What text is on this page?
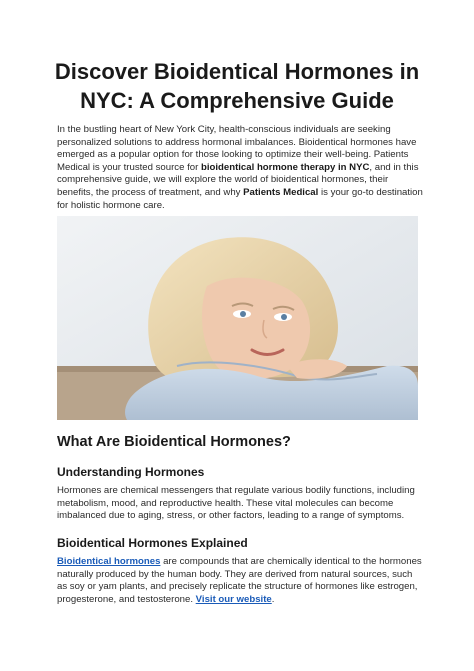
Discover Bioidentical Hormones in NYC: A Comprehensive Guide

In the bustling heart of New York City, health-conscious individuals are seeking personalized solutions to address hormonal imbalances. Bioidentical hormones have emerged as a popular option for those looking to optimize their well-being. Patients Medical is your trusted source for bioidentical hormone therapy in NYC, and in this comprehensive guide, we will explore the world of bioidentical hormones, their benefits, the process of treatment, and why Patients Medical is your go-to destination for holistic hormone care.

What Are Bioidentical Hormones?
Understanding Hormones

Hormones are chemical messengers that regulate various bodily functions, including metabolism, mood, and reproductive health. These vital molecules can become imbalanced due to aging, stress, or other factors, leading to a range of symptoms.

Bioidentical Hormones Explained

Bioidentical hormones are compounds that are chemically identical to the hormones naturally produced by the human body. They are derived from natural sources, such as soy or yam plants, and precisely replicate the structure of hormones like estrogen, progesterone, and testosterone. Visit our website.
